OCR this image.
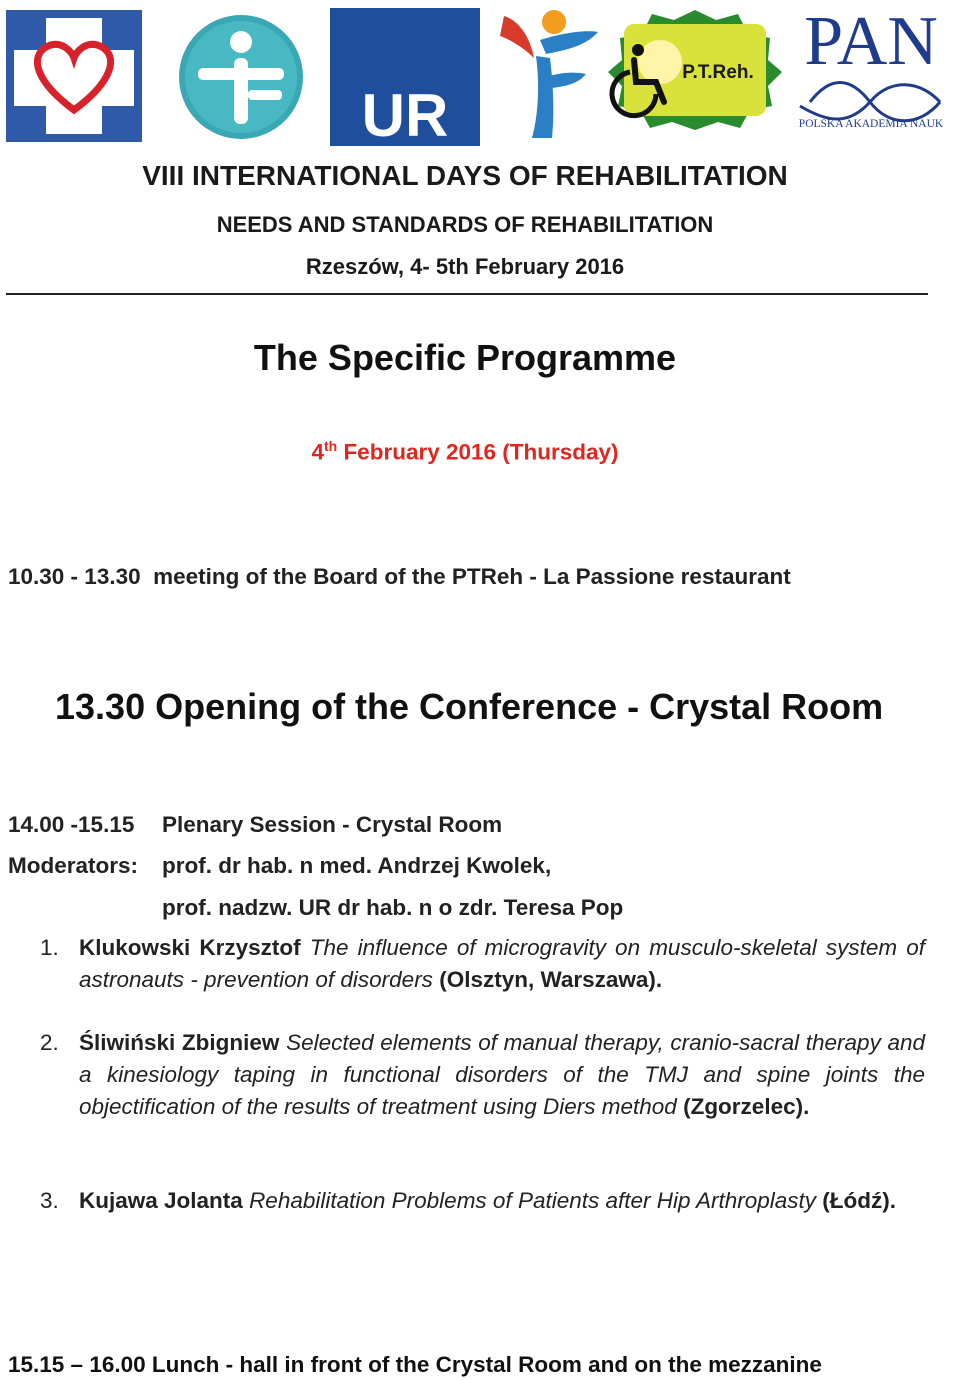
UR
P.T.Reh. PAN
POLSKA AKADEMIA NAUK
VIII INTERNATIONAL DAYS OF REHABILITATION
NEEDS AND STANDARDS OF REHABILITATION
Rzeszów, 4- 5th February 2016
The Specific Programme
4th February 2016 (Thursday)
10.30 - 13.30  meeting of the Board of the PTReh - La Passione restaurant
13.30 Opening of the Conference - Crystal Room
14.00 -15.15 Plenary Session - Crystal Room
Moderators: prof. dr hab. n med. Andrzej Kwolek,
prof. nadzw. UR dr hab. n o zdr. Teresa Pop
1. Klukowski Krzysztof The influence of microgravity on musculo-skeletal system of astronauts - prevention of disorders (Olsztyn, Warszawa).
2. Śliwiński Zbigniew Selected elements of manual therapy, cranio-sacral therapy and a kinesiology taping in functional disorders of the TMJ and spine joints the objectification of the results of treatment using Diers method (Zgorzelec).
3. Kujawa Jolanta Rehabilitation Problems of Patients after Hip Arthroplasty (Łódź).
15.15 – 16.00 Lunch - hall in front of the Crystal Room and on the mezzanine
